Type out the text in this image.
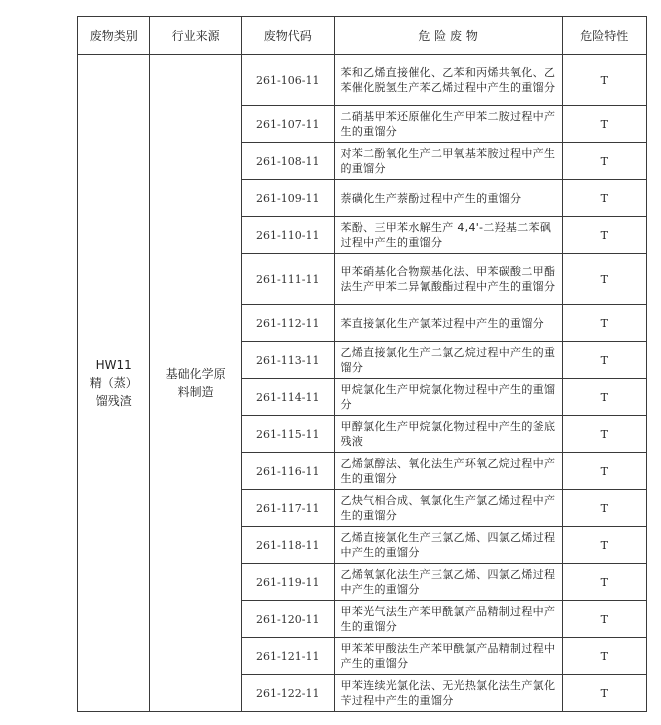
废物类别	行业来源	废物代码	危 险 废 物	危险特性

HW11
精（蒸）
馏残渣	基础化学原料制造	261-106-11	苯和乙烯直接催化、乙苯和丙烯共氧化、乙苯催化脱氢生产苯乙烯过程中产生的重馏分	T
		261-107-11	二硝基甲苯还原催化生产甲苯二胺过程中产生的重馏分	T
		261-108-11	对苯二酚氧化生产二甲氧基苯胺过程中产生的重馏分	T
		261-109-11	萘磺化生产萘酚过程中产生的重馏分	T
		261-110-11	苯酚、三甲苯水解生产 4,4'-二羟基二苯砜过程中产生的重馏分	T
		261-111-11	甲苯硝基化合物羰基化法、甲苯碳酸二甲酯法生产甲苯二异氰酸酯过程中产生的重馏分	T
		261-112-11	苯直接氯化生产氯苯过程中产生的重馏分	T
		261-113-11	乙烯直接氯化生产二氯乙烷过程中产生的重馏分	T
		261-114-11	甲烷氯化生产甲烷氯化物过程中产生的重馏分	T
		261-115-11	甲醇氯化生产甲烷氯化物过程中产生的釜底残液	T
		261-116-11	乙烯氯醇法、氧化法生产环氧乙烷过程中产生的重馏分	T
		261-117-11	乙炔气相合成、氧氯化生产氯乙烯过程中产生的重馏分	T
		261-118-11	乙烯直接氯化生产三氯乙烯、四氯乙烯过程中产生的重馏分	T
		261-119-11	乙烯氧氯化法生产三氯乙烯、四氯乙烯过程中产生的重馏分	T
		261-120-11	甲苯光气法生产苯甲酰氯产品精制过程中产生的重馏分	T
		261-121-11	甲苯苯甲酸法生产苯甲酰氯产品精制过程中产生的重馏分	T
		261-122-11	甲苯连续光氯化法、无光热氯化法生产氯化苄过程中产生的重馏分	T
